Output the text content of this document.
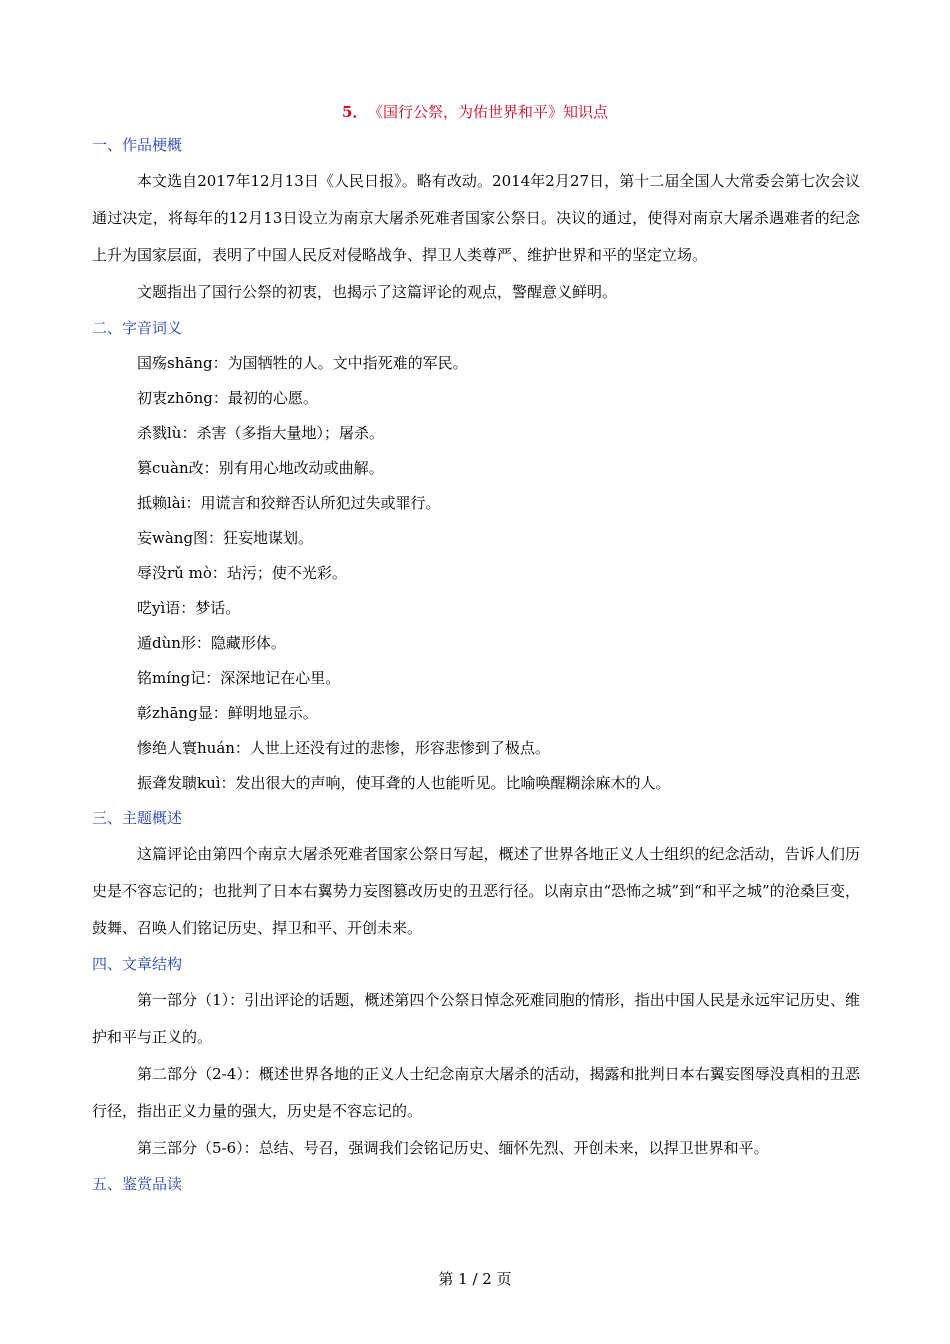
5． 《国行公祭，为佑世界和平》知识点
一、作品梗概

本文选自2017年12月13日《人民日报》。略有改动。2014年2月27日，第十二届全国人大常委会第七次会议通过决定，将每年的12月13日设立为南京大屠杀死难者国家公祭日。决议的通过，使得对南京大屠杀遇难者的纪念上升为国家层面，表明了中国人民反对侵略战争、捍卫人类尊严、维护世界和平的坚定立场。

文题指出了国行公祭的初衷，也揭示了这篇评论的观点，警醒意义鲜明。

二、字音词义
国殇shāng：为国牺牲的人。文中指死难的军民。
初衷zhōng：最初的心愿。
杀戮lù：杀害（多指大量地）；屠杀。
篡cuàn改：别有用心地改动或曲解。
抵赖lài：用谎言和狡辩否认所犯过失或罪行。
妄wàng图：狂妄地谋划。
辱没rǔ mò：玷污；使不光彩。
呓yì语：梦话。
遁dùn形：隐藏形体。
铭míng记：深深地记在心里。
彰zhāng显：鲜明地显示。
惨绝人寰huán：人世上还没有过的悲惨，形容悲惨到了极点。
振聋发聩kuì：发出很大的声响，使耳聋的人也能听见。比喻唤醒糊涂麻木的人。
三、主题概述

这篇评论由第四个南京大屠杀死难者国家公祭日写起，概述了世界各地正义人士组织的纪念活动，告诉人们历史是不容忘记的；也批判了日本右翼势力妄图篡改历史的丑恶行径。以南京由“恐怖之城”到“和平之城”的沧桑巨变，鼓舞、召唤人们铭记历史、捍卫和平、开创未来。

四、文章结构

第一部分（1）：引出评论的话题，概述第四个公祭日悼念死难同胞的情形，指出中国人民是永远牢记历史、维护和平与正义的。

第二部分（2-4）：概述世界各地的正义人士纪念南京大屠杀的活动，揭露和批判日本右翼妄图辱没真相的丑恶行径，指出正义力量的强大，历史是不容忘记的。

第三部分（5-6）：总结、号召，强调我们会铭记历史、缅怀先烈、开创未来，以捍卫世界和平。

五、鉴赏品读
第 1 / 2 页
